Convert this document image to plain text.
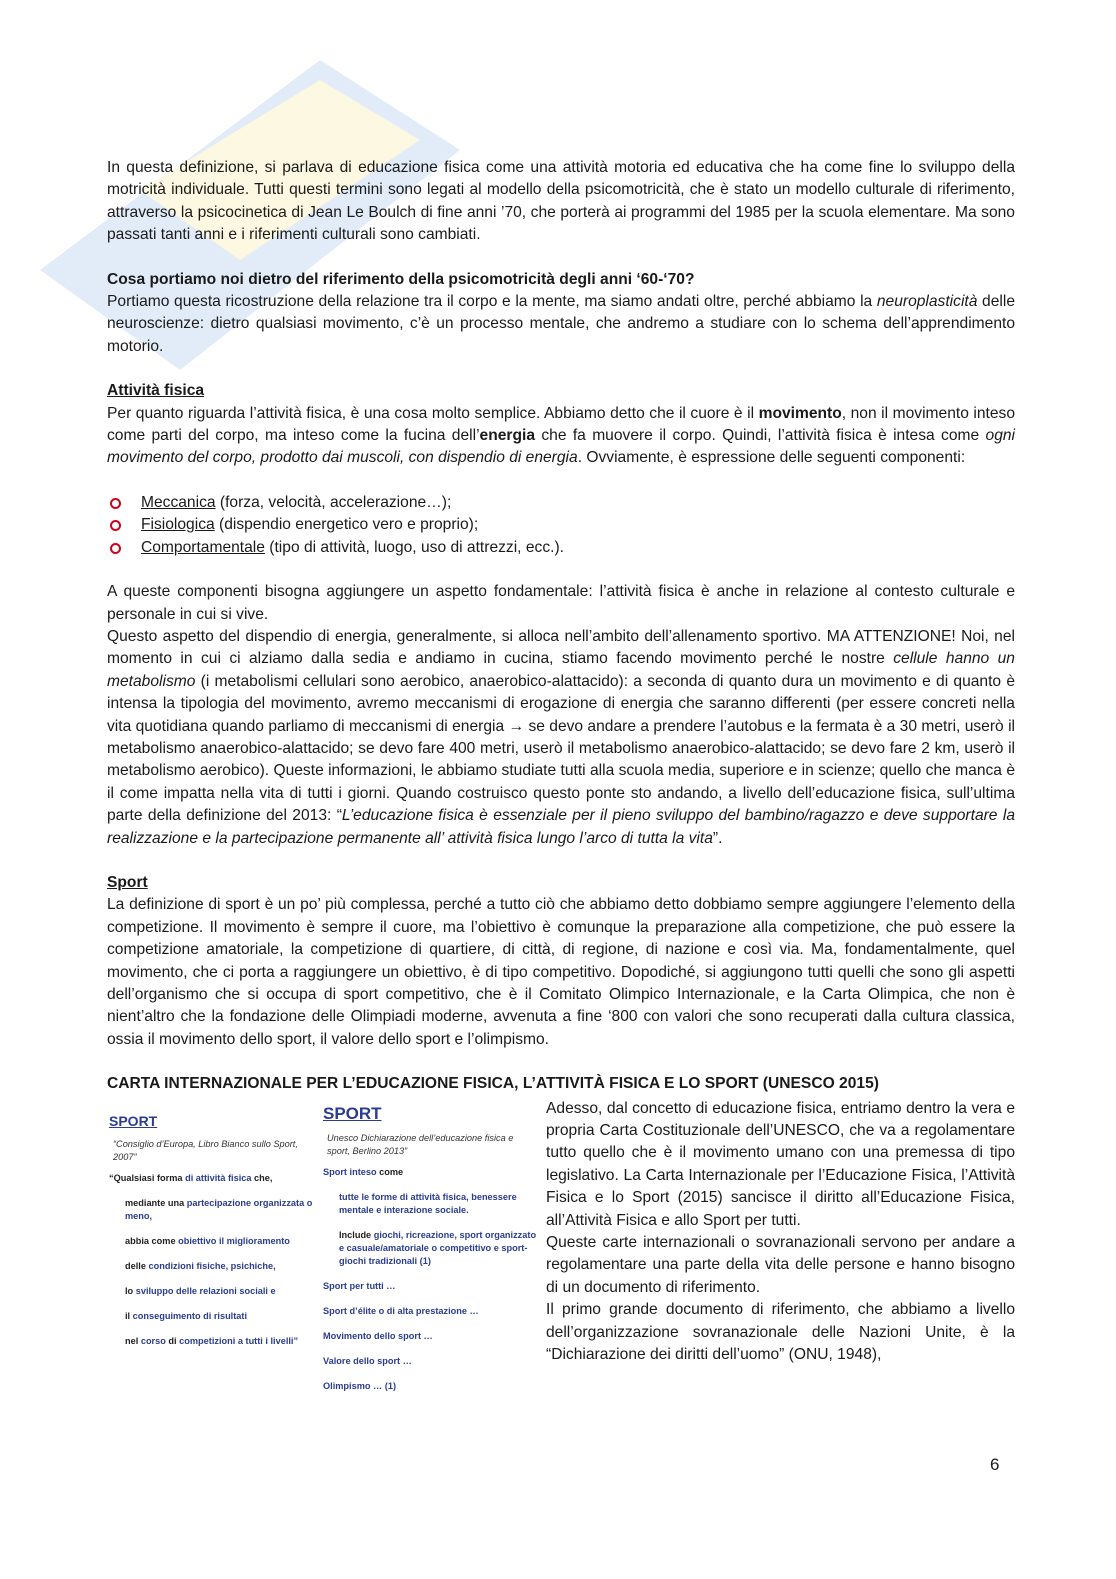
In questa definizione, si parlava di educazione fisica come una attività motoria ed educativa che ha come fine lo sviluppo della motricità individuale. Tutti questi termini sono legati al modello della psicomotricità, che è stato un modello culturale di riferimento, attraverso la psicocinetica di Jean Le Boulch di fine anni ’70, che porterà ai programmi del 1985 per la scuola elementare. Ma sono passati tanti anni e i riferimenti culturali sono cambiati.

Cosa portiamo noi dietro del riferimento della psicomotricità degli anni ‘60-‘70?

Portiamo questa ricostruzione della relazione tra il corpo e la mente, ma siamo andati oltre, perché abbiamo la neuroplasticità delle neuroscienze: dietro qualsiasi movimento, c’è un processo mentale, che andremo a studiare con lo schema dell’apprendimento motorio.

Attività fisica

Per quanto riguarda l’attività fisica, è una cosa molto semplice. Abbiamo detto che il cuore è il movimento, non il movimento inteso come parti del corpo, ma inteso come la fucina dell’energia che fa muovere il corpo. Quindi, l’attività fisica è intesa come ogni movimento del corpo, prodotto dai muscoli, con dispendio di energia. Ovviamente, è espressione delle seguenti componenti:

Meccanica (forza, velocità, accelerazione…);
Fisiologica (dispendio energetico vero e proprio);
Comportamentale (tipo di attività, luogo, uso di attrezzi, ecc.).

A queste componenti bisogna aggiungere un aspetto fondamentale: l’attività fisica è anche in relazione al contesto culturale e personale in cui si vive.

Questo aspetto del dispendio di energia, generalmente, si alloca nell’ambito dell’allenamento sportivo. MA ATTENZIONE! Noi, nel momento in cui ci alziamo dalla sedia e andiamo in cucina, stiamo facendo movimento perché le nostre cellule hanno un metabolismo (i metabolismi cellulari sono aerobico, anaerobico-alattacido): a seconda di quanto dura un movimento e di quanto è intensa la tipologia del movimento, avremo meccanismi di erogazione di energia che saranno differenti (per essere concreti nella vita quotidiana quando parliamo di meccanismi di energia → se devo andare a prendere l’autobus e la fermata è a 30 metri, userò il metabolismo anaerobico-alattacido; se devo fare 400 metri, userò il metabolismo anaerobico-alattacido; se devo fare 2 km, userò il metabolismo aerobico). Queste informazioni, le abbiamo studiate tutti alla scuola media, superiore e in scienze; quello che manca è il come impatta nella vita di tutti i giorni. Quando costruisco questo ponte sto andando, a livello dell’educazione fisica, sull’ultima parte della definizione del 2013: “L’educazione fisica è essenziale per il pieno sviluppo del bambino/ragazzo e deve supportare la realizzazione e la partecipazione permanente all’ attività fisica lungo l’arco di tutta la vita”.

Sport

La definizione di sport è un po’ più complessa, perché a tutto ciò che abbiamo detto dobbiamo sempre aggiungere l’elemento della competizione. Il movimento è sempre il cuore, ma l’obiettivo è comunque la preparazione alla competizione, che può essere la competizione amatoriale, la competizione di quartiere, di città, di regione, di nazione e così via. Ma, fondamentalmente, quel movimento, che ci porta a raggiungere un obiettivo, è di tipo competitivo. Dopodiché, si aggiungono tutti quelli che sono gli aspetti dell’organismo che si occupa di sport competitivo, che è il Comitato Olimpico Internazionale, e la Carta Olimpica, che non è nient’altro che la fondazione delle Olimpiadi moderne, avvenuta a fine ‘800 con valori che sono recuperati dalla cultura classica, ossia il movimento dello sport, il valore dello sport e l’olimpismo.

CARTA INTERNAZIONALE PER L’EDUCAZIONE FISICA, L’ATTIVITÀ FISICA E LO SPORT (UNESCO 2015)

SPORT
“Consiglio d’Europa, Libro Bianco sullo Sport, 2007”
“Qualsiasi forma di attività fisica che,
mediante una partecipazione organizzata o meno,
abbia come obiettivo il miglioramento
delle condizioni fisiche, psichiche,
lo sviluppo delle relazioni sociali e
il conseguimento di risultati
nel corso di competizioni a tutti i livelli”
SPORT
Unesco Dichiarazione dell’educazione fisica e sport, Berlino 2013”
Sport inteso come
tutte le forme di attività fisica, benessere mentale e interazione sociale.
Include giochi, ricreazione, sport organizzato e casuale/amatoriale o competitivo e sport-giochi tradizionali (1)
Sport per tutti …
Sport d’élite o di alta prestazione …
Movimento dello sport …
Valore dello sport …
Olimpismo … (1)

Adesso, dal concetto di educazione fisica, entriamo dentro la vera e propria Carta Costituzionale dell’UNESCO, che va a regolamentare tutto quello che è il movimento umano con una premessa di tipo legislativo. La Carta Internazionale per l’Educazione Fisica, l’Attività Fisica e lo Sport (2015) sancisce il diritto all’Educazione Fisica, all’Attività Fisica e allo Sport per tutti.

Queste carte internazionali o sovranazionali servono per andare a regolamentare una parte della vita delle persone e hanno bisogno di un documento di riferimento.

Il primo grande documento di riferimento, che abbiamo a livello dell’organizzazione sovranazionale delle Nazioni Unite, è la “Dichiarazione dei diritti dell’uomo” (ONU, 1948),

6
